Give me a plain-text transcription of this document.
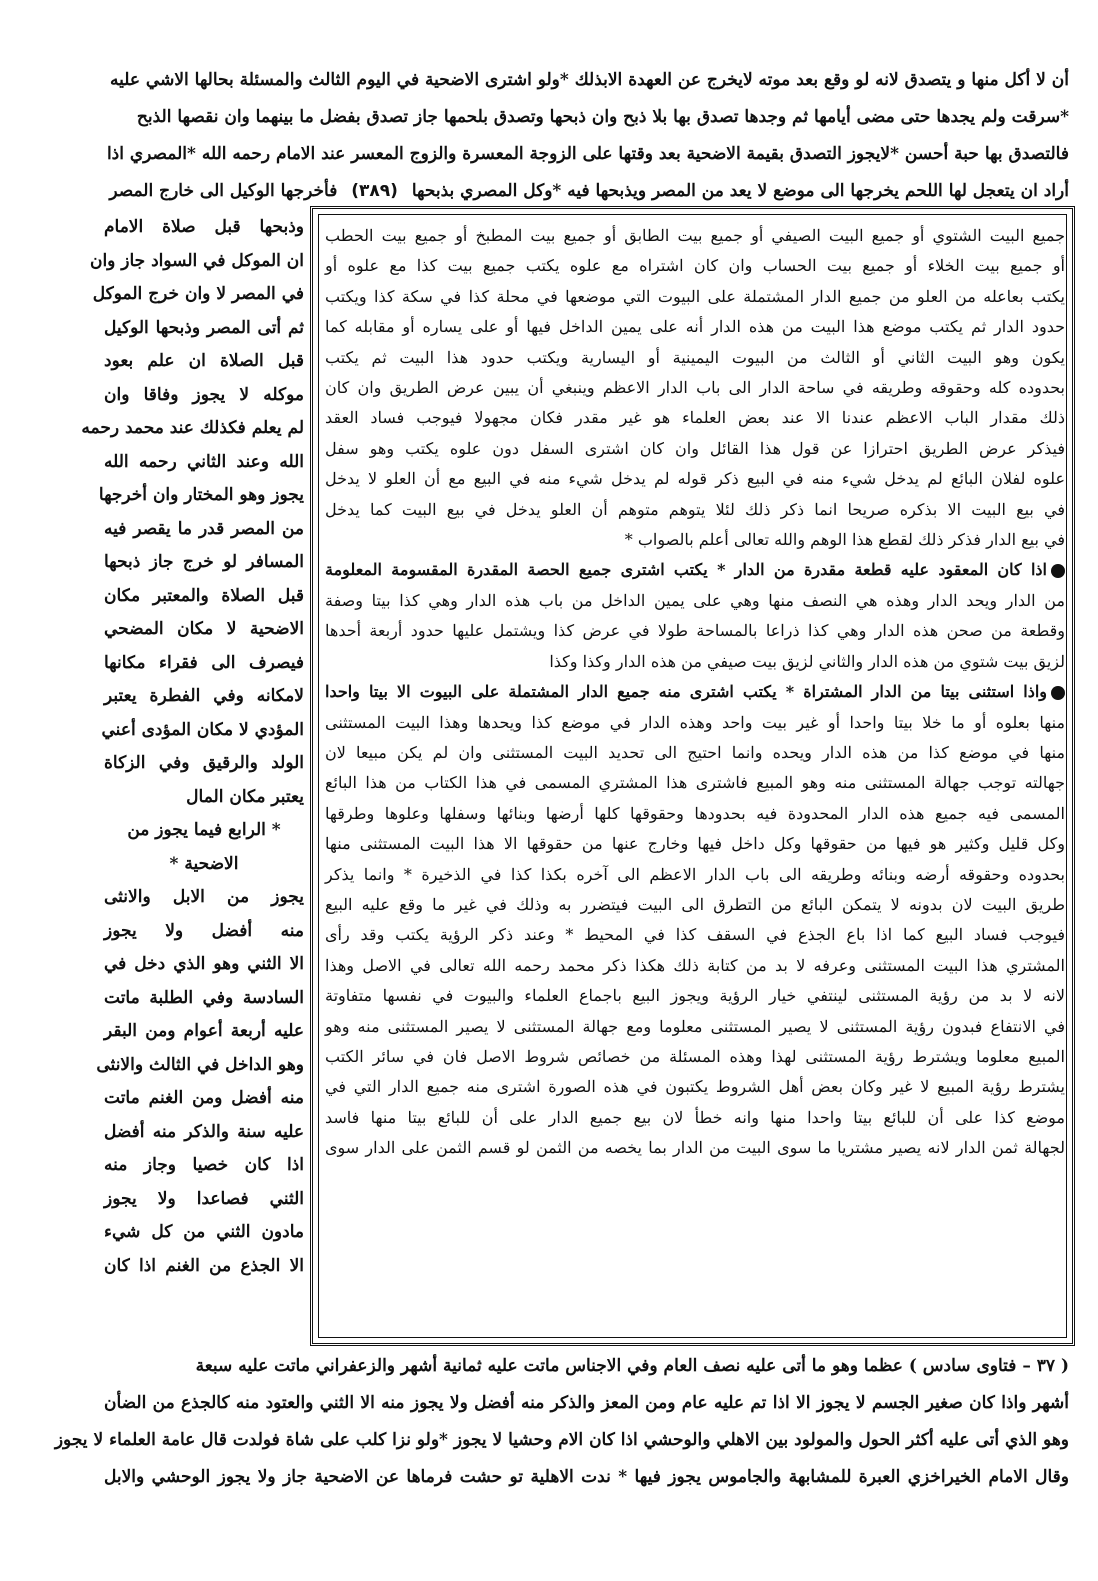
أن لا أكل منها و يتصدق لانه لو وقع بعد موته لايخرج عن العهدة الابذلك *ولو اشترى الاضحية في اليوم الثالث والمسئلة بحالها الاشي عليه
*سرقت ولم يجدها حتى مضى أيامها ثم وجدها تصدق بها بلا ذبح وان ذبحها وتصدق بلحمها جاز تصدق بفضل ما بينهما وان نقصها الذبح
فالتصدق بها حبة أحسن *لايجوز التصدق بقيمة الاضحية بعد وقتها على الزوجة المعسرة والزوج المعسر عند الامام رحمه الله *المصري اذا
أراد ان يتعجل لها اللحم يخرجها الى موضع لا يعد من المصر ويذبحها فيه *وكل المصري بذبحها (٣٨٩) فأخرجها الوكيل الى خارج المصر
وذبحها قبل صلاة الامام
ان الموكل في السواد جاز وان
في المصر لا وان خرج الموكل
ثم أتى المصر وذبحها الوكيل
قبل الصلاة ان علم بعود
موكله لا يجوز وفاقا وان
لم يعلم فكذلك عند محمد رحمه
الله وعند الثاني رحمه الله
يجوز وهو المختار وان أخرجها
من المصر قدر ما يقصر فيه
المسافر لو خرج جاز ذبحها
قبل الصلاة والمعتبر مكان
الاضحية لا مكان المضحي
فيصرف الى فقراء مكانها
لامكانه وفي الفطرة يعتبر
المؤدي لا مكان المؤدى أعني
الولد والرقيق وفي الزكاة
يعتبر مكان المال
* الرابع فيما يجوز من
الاضحية *
يجوز من الابل والانثى
منه أفضل ولا يجوز
الا الثني وهو الذي دخل في
السادسة وفي الطلبة ماتت
عليه أربعة أعوام ومن البقر
وهو الداخل في الثالث والانثى
منه أفضل ومن الغنم ماتت
عليه سنة والذكر منه أفضل
اذا كان خصيا وجاز منه
الثني فصاعدا ولا يجوز
مادون الثني من كل شيء
الا الجذع من الغنم اذا كان
جميع البيت الشتوي أو جميع البيت الصيفي أو جميع بيت الطابق أو جميع بيت المطبخ أو جميع بيت الحطب
أو جميع بيت الخلاء أو جميع بيت الحساب وان كان اشتراه مع علوه يكتب جميع بيت كذا مع علوه أو
يكتب بعاعله من العلو من جميع الدار المشتملة على البيوت التي موضعها في محلة كذا في سكة كذا ويكتب
حدود الدار ثم يكتب موضع هذا البيت من هذه الدار أنه على يمين الداخل فيها أو على يساره أو مقابله كما
يكون وهو البيت الثاني أو الثالث من البيوت اليمينية أو اليسارية ويكتب حدود هذا البيت ثم يكتب
بحدوده كله وحقوقه وطريقه في ساحة الدار الى باب الدار الاعظم وينبغي أن يبين عرض الطريق وان كان
ذلك مقدار الباب الاعظم عندنا الا عند بعض العلماء هو غير مقدر فكان مجهولا فيوجب فساد العقد
فيذكر عرض الطريق احترازا عن قول هذا القائل وان كان اشترى السفل دون علوه يكتب وهو سفل
علوه لفلان البائع لم يدخل شيء منه في البيع ذكر قوله لم يدخل شيء منه في البيع مع أن العلو لا يدخل
في بيع البيت الا بذكره صريحا انما ذكر ذلك لئلا يتوهم متوهم أن العلو يدخل في بيع البيت كما يدخل
في بيع الدار فذكر ذلك لقطع هذا الوهم والله تعالى أعلم بالصواب *
اذا كان المعقود عليه قطعة مقدرة من الدار * يكتب اشترى جميع الحصة المقدرة المقسومة المعلومة
من الدار ويحد الدار وهذه هي النصف منها وهي على يمين الداخل من باب هذه الدار وهي كذا بيتا وصفة
وقطعة من صحن هذه الدار وهي كذا ذراعا بالمساحة طولا في عرض كذا ويشتمل عليها حدود أربعة أحدها
لزيق بيت شتوي من هذه الدار والثاني لزيق بيت صيفي من هذه الدار وكذا وكذا
واذا استثنى بيتا من الدار المشتراة * يكتب اشترى منه جميع الدار المشتملة على البيوت الا بيتا واحدا
منها بعلوه أو ما خلا بيتا واحدا أو غير بيت واحد وهذه الدار في موضع كذا ويحدها وهذا البيت المستثنى
منها في موضع كذا من هذه الدار ويحده وانما احتيج الى تحديد البيت المستثنى وان لم يكن مبيعا لان
جهالته توجب جهالة المستثنى منه وهو المبيع فاشترى هذا المشتري المسمى في هذا الكتاب من هذا البائع
المسمى فيه جميع هذه الدار المحدودة فيه بحدودها وحقوقها كلها أرضها وبنائها وسفلها وعلوها وطرقها
وكل قليل وكثير هو فيها من حقوقها وكل داخل فيها وخارج عنها من حقوقها الا هذا البيت المستثنى منها
بحدوده وحقوقه أرضه وبنائه وطريقه الى باب الدار الاعظم الى آخره بكذا كذا في الذخيرة * وانما يذكر
طريق البيت لان بدونه لا يتمكن البائع من التطرق الى البيت فيتضرر به وذلك في غير ما وقع عليه البيع
فيوجب فساد البيع كما اذا باع الجذع في السقف كذا في المحيط * وعند ذكر الرؤية يكتب وقد رأى
المشتري هذا البيت المستثنى وعرفه لا بد من كتابة ذلك هكذا ذكر محمد رحمه الله تعالى في الاصل وهذا
لانه لا بد من رؤية المستثنى لينتفي خيار الرؤية ويجوز البيع باجماع العلماء والبيوت في نفسها متفاوتة
في الانتفاع فبدون رؤية المستثنى لا يصير المستثنى معلوما ومع جهالة المستثنى لا يصير المستثنى منه وهو
المبيع معلوما ويشترط رؤية المستثنى لهذا وهذه المسئلة من خصائص شروط الاصل فان في سائر الكتب
يشترط رؤية المبيع لا غير وكان بعض أهل الشروط يكتبون في هذه الصورة اشترى منه جميع الدار التي في
موضع كذا على أن للبائع بيتا واحدا منها وانه خطأ لان بيع جميع الدار على أن للبائع بيتا منها فاسد
لجهالة ثمن الدار لانه يصير مشتريا ما سوى البيت من الدار بما يخصه من الثمن لو قسم الثمن على الدار سوى
( ٣٧ – فتاوى سادس ) عظما وهو ما أتى عليه نصف العام وفي الاجناس ماتت عليه ثمانية أشهر والزعفراني ماتت عليه سبعة
أشهر واذا كان صغير الجسم لا يجوز الا اذا تم عليه عام ومن المعز والذكر منه أفضل ولا يجوز منه الا الثني والعتود منه كالجذع من الضأن
وهو الذي أتى عليه أكثر الحول والمولود بين الاهلي والوحشي اذا كان الام وحشيا لا يجوز *ولو نزا كلب على شاة فولدت قال عامة العلماء لا يجوز
وقال الامام الخيراخزي العبرة للمشابهة والجاموس يجوز فيها * ندت الاهلية تو حشت فرماها عن الاضحية جاز ولا يجوز الوحشي والابل
